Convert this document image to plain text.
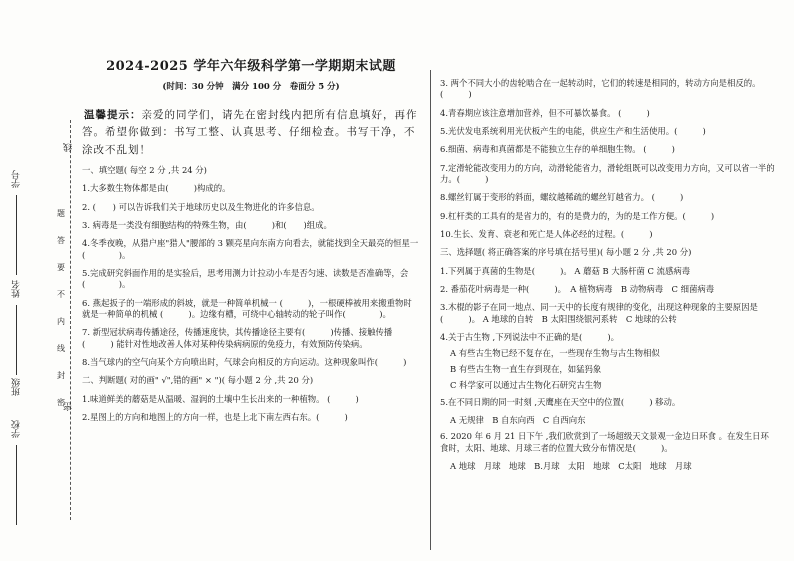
学号
姓名
班级
学校
线
密
题
答
要
不
内
线
封
密

2024-2025 学年六年级科学第一学期期末试题

(时间：30 分钟　满分 100 分　卷面分 5 分)

温馨提示：亲爱的同学们，请先在密封线内把所有信息填好，再作答。希望你做到：书写工整、认真思考、仔细检查。书写干净，不涂改不乱划！

一、填空题( 每空 2 分 ,共 24 分)
1.大多数生物体都是由(　　　)构成的。
2. (　　) 可以告诉我们关于地球历史以及生物进化的许多信息。
3. 病毒是一类没有细胞结构的特殊生物，由(　　　)和(　　)组成。
4.冬季夜晚，从猎户座"猎人"腰部的 3 颗亮星向东南方向看去，就能找到全天最亮的恒星一 (　　　　)。
5.完成研究斜面作用的是实验后，思考用测力计拉动小车是否匀速、读数是否准确等，会(　　　　)。
6. 燕起扳子的一端形成的斜坡，就是一种简单机械一 (　　　)，一根硬棒被用来搬重物时就是一种简单的机械 (　　　)。边缘有槽，可绕中心轴转动的轮子叫作(　　　　)。
7. 新型冠状病毒传播途径，传播速度快，其传播途径主要有(　　　)传播、接触传播(　　　) 能针对性地改善人体对某种传染病病原的免疫力，有效预防传染病。
8.当气球内的空气向某个方向喷出时，气球会向相反的方向运动。这种现象叫作(　　　)
二、判断题( 对的画" √",错的画" × ")( 每小题 2 分 ,共 20 分)
1.味道鲜美的蘑菇是从温暖、湿润的土壤中生长出来的一种植物。 (　　　)
2.星图上的方向和地图上的方向一样，也是上北下南左西右东。(　　　)
3. 两个不同大小的齿轮啮合在一起转动时，它们的转速是相同的，转动方向是相反的。 (　　　)
4.青春期应该注意增加营养，但不可暴饮暴食。 (　　　)
5.光伏发电系统利用光伏板产生的电能，供应生产和生活使用。(　　　)
6.细菌、病毒和真菌都是不能独立生存的单细胞生物。 (　　　)
7.定滑轮能改变用力的方向，动滑轮能省力，滑轮组既可以改变用力方向，又可以省一半的力。(　　　)
8.螺丝钉属于变形的斜面，螺纹越稀疏的螺丝钉越省力。 (　　　)
9.杠杆类的工具有的是省力的，有的是费力的，为的是工作方便。(　　　)
10.生长、发育、衰老和死亡是人体必经的过程。(　　　)
三、选择题( 将正确答案的序号填在括号里)( 每小题 2 分 ,共 20 分)
1.下列属于真菌的生物是(　　　)。 A 蘑菇 B 大肠杆菌 C 流感病毒
2. 番茄花叶病毒是一种(　　　)。　A 植物病毒　B 动物病毒　C 细菌病毒
3.木棍的影子在同一地点、同一天中的长度有规律的变化，出现这种现象的主要原因是(　　　)。 A 地球的自转　B 太阳围绕银河系转　C 地球的公转
4.关于古生物 ,下列说法中不正确的是(　　　)。
A 有些古生物已经不复存在，一些现存生物与古生物相似
B 有些古生物一直生存到现在，如猛犸象
C 科学家可以通过古生物化石研究古生物
5.在不同日期的同一时刻 ,天鹰座在天空中的位置(　　　) 移动。
A 无规律　B 自东向西　C 自西向东
6. 2020 年 6 月 21 日下午 ,我们欣赏到了一场超级天文景观一金边日环食 。在发生日环食时，太阳、地球、月球三者的位置大致分布情况是(　　　)。
A 地球　月球　地球　B.月球　太阳　地球　C太阳　地球　月球
